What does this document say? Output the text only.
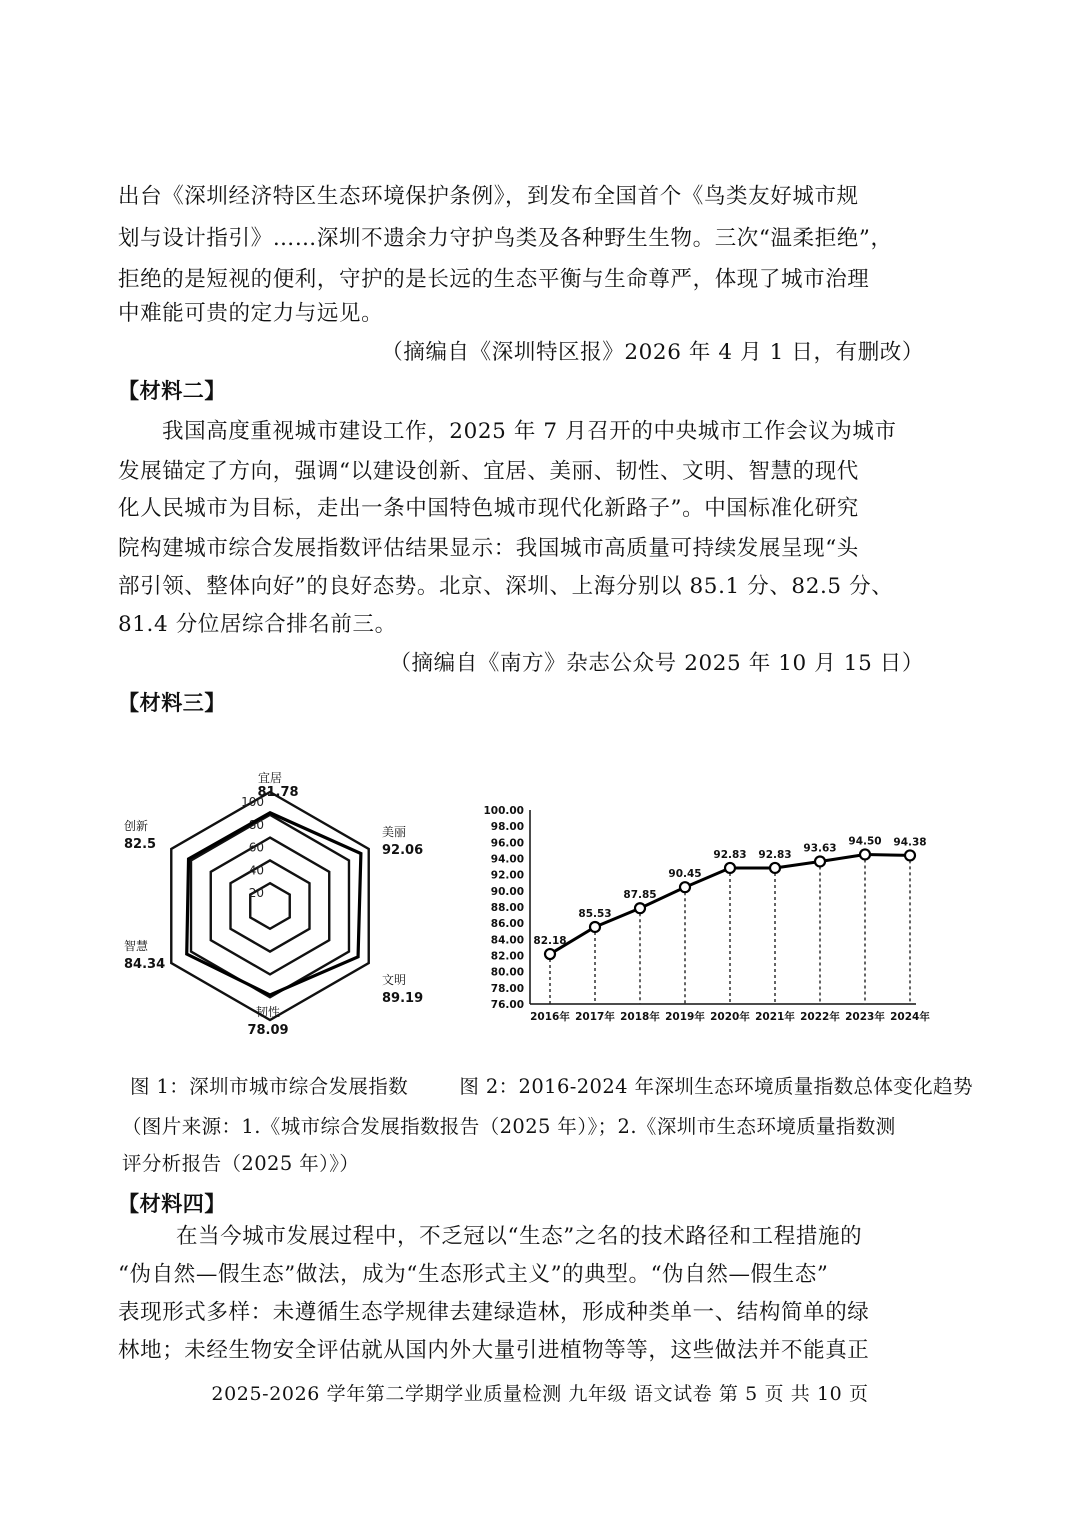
出台《深圳经济特区生态环境保护条例》，到发布全国首个《鸟类友好城市规
划与设计指引》……深圳不遗余力守护鸟类及各种野生生物。三次“温柔拒绝”，
拒绝的是短视的便利，守护的是长远的生态平衡与生命尊严，体现了城市治理
中难能可贵的定力与远见。
（摘编自《深圳特区报》2026 年 4 月 1 日，有删改）
【材料二】
我国高度重视城市建设工作，2025 年 7 月召开的中央城市工作会议为城市
发展锚定了方向，强调“以建设创新、宜居、美丽、韧性、文明、智慧的现代
化人民城市为目标，走出一条中国特色城市现代化新路子”。中国标准化研究
院构建城市综合发展指数评估结果显示：我国城市高质量可持续发展呈现“头
部引领、整体向好”的良好态势。北京、深圳、上海分别以 85.1 分、82.5 分、
81.4 分位居综合排名前三。
（摘编自《南方》杂志公众号 2025 年 10 月 15 日）
【材料三】
20
40
60
80
100
宜居
81.78
美丽
92.06
文明
89.19
韧性
78.09
智慧
84.34
创新
82.5
76.00
78.00
80.00
82.00
84.00
86.00
88.00
90.00
92.00
94.00
96.00
98.00
100.00
2016年 2017年 2018年 2019年 2020年 2021年 2022年 2023年 2024年
82.18
85.53
87.85
90.45
92.83 92.83
93.63
94.50 94.38
图 1：深圳市城市综合发展指数	图 2：2016-2024 年深圳生态环境质量指数总体变化趋势
（图片来源：1.《城市综合发展指数报告（2025 年）》；2.《深圳市生态环境质量指数测
评分析报告（2025 年）》）
【材料四】
在当今城市发展过程中，不乏冠以“生态”之名的技术路径和工程措施的
“伪自然—假生态”做法，成为“生态形式主义”的典型。“伪自然—假生态”
表现形式多样：未遵循生态学规律去建绿造林，形成种类单一、结构简单的绿
林地；未经生物安全评估就从国内外大量引进植物等等，这些做法并不能真正
2025-2026 学年第二学期学业质量检测 九年级 语文试卷 第 5 页 共 10 页
